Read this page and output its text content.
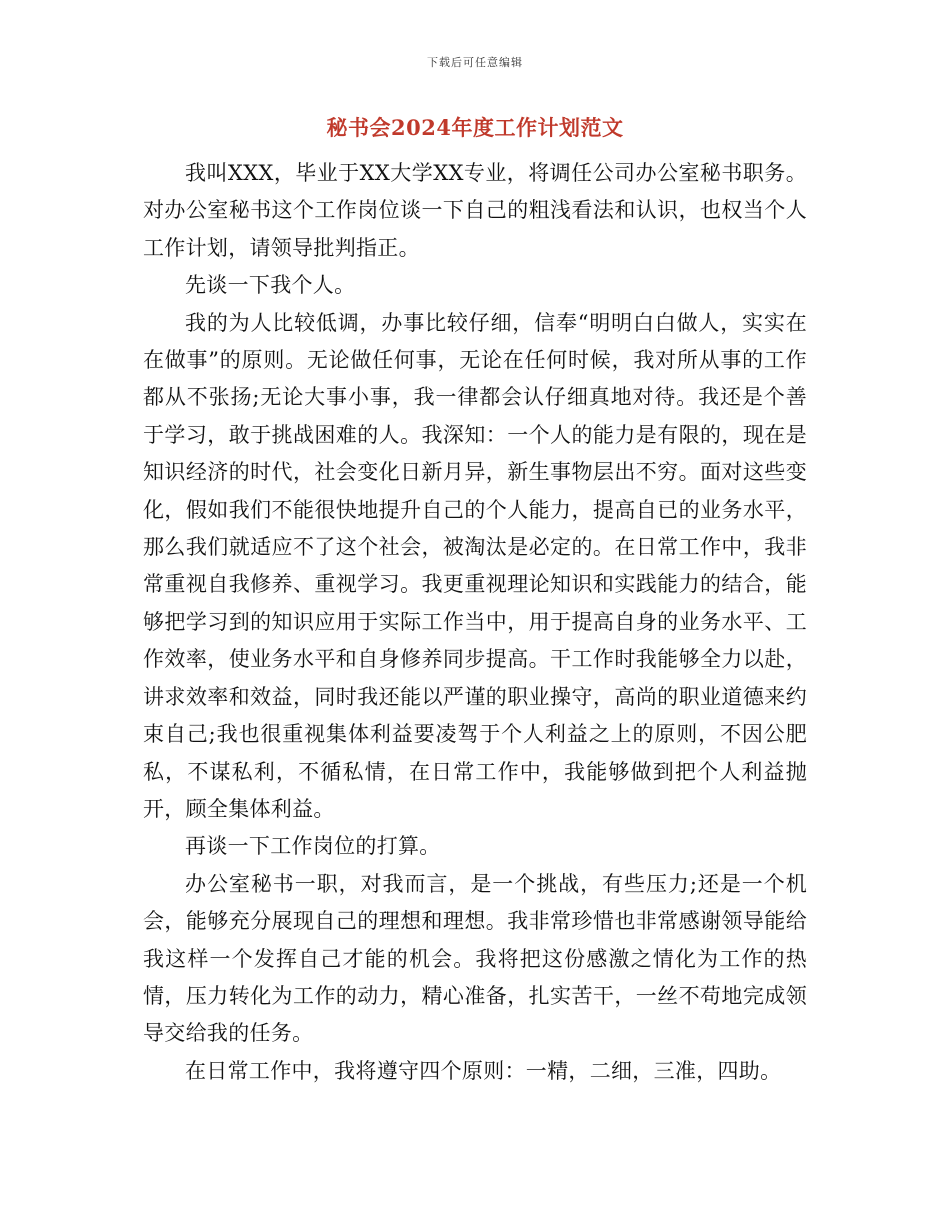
下载后可任意编辑
秘书会2024年度工作计划范文

我叫XXX，毕业于XX大学XX专业，将调任公司办公室秘书职务。对办公室秘书这个工作岗位谈一下自己的粗浅看法和认识，也权当个人工作计划，请领导批判指正。

先谈一下我个人。

我的为人比较低调，办事比较仔细，信奉“明明白白做人，实实在在做事”的原则。无论做任何事，无论在任何时候，我对所从事的工作都从不张扬;无论大事小事，我一律都会认仔细真地对待。我还是个善于学习，敢于挑战困难的人。我深知：一个人的能力是有限的，现在是知识经济的时代，社会变化日新月异，新生事物层出不穷。面对这些变化，假如我们不能很快地提升自己的个人能力，提高自已的业务水平，那么我们就适应不了这个社会，被淘汰是必定的。在日常工作中，我非常重视自我修养、重视学习。我更重视理论知识和实践能力的结合，能够把学习到的知识应用于实际工作当中，用于提高自身的业务水平、工作效率，使业务水平和自身修养同步提高。干工作时我能够全力以赴，讲求效率和效益，同时我还能以严谨的职业操守，高尚的职业道德来约束自己;我也很重视集体利益要凌驾于个人利益之上的原则，不因公肥私，不谋私利，不循私情，在日常工作中，我能够做到把个人利益抛开，顾全集体利益。

再谈一下工作岗位的打算。

办公室秘书一职，对我而言，是一个挑战，有些压力;还是一个机会，能够充分展现自己的理想和理想。我非常珍惜也非常感谢领导能给我这样一个发挥自己才能的机会。我将把这份感激之情化为工作的热情，压力转化为工作的动力，精心准备，扎实苦干，一丝不苟地完成领导交给我的任务。

在日常工作中，我将遵守四个原则：一精，二细，三准，四助。
